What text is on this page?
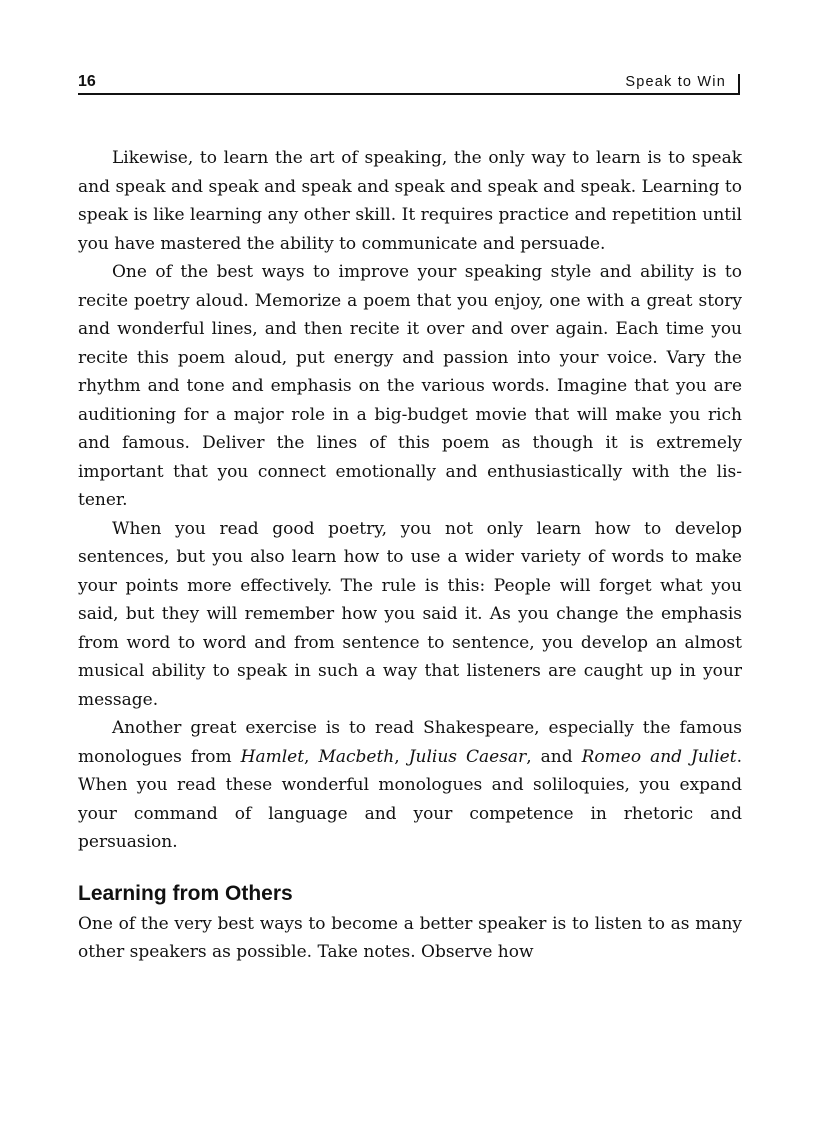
16	Speak to Win

Likewise, to learn the art of speaking, the only way to learn is to speak and speak and speak and speak and speak and speak and speak. Learning to speak is like learning any other skill. It requires practice and repetition until you have mastered the ability to communicate and persuade.

One of the best ways to improve your speaking style and ability is to recite poetry aloud. Memorize a poem that you enjoy, one with a great story and wonderful lines, and then recite it over and over again. Each time you recite this poem aloud, put energy and passion into your voice. Vary the rhythm and tone and emphasis on the various words. Imagine that you are auditioning for a major role in a big-budget movie that will make you rich and famous. Deliver the lines of this poem as though it is extremely important that you connect emotionally and enthusiastically with the listener.

When you read good poetry, you not only learn how to develop sentences, but you also learn how to use a wider variety of words to make your points more effectively. The rule is this: People will forget what you said, but they will remember how you said it. As you change the emphasis from word to word and from sentence to sentence, you develop an almost musical ability to speak in such a way that listeners are caught up in your message.

Another great exercise is to read Shakespeare, especially the famous monologues from Hamlet, Macbeth, Julius Caesar, and Romeo and Juliet. When you read these wonderful monologues and soliloquies, you expand your command of language and your competence in rhetoric and persuasion.

Learning from Others

One of the very best ways to become a better speaker is to listen to as many other speakers as possible. Take notes. Observe how
